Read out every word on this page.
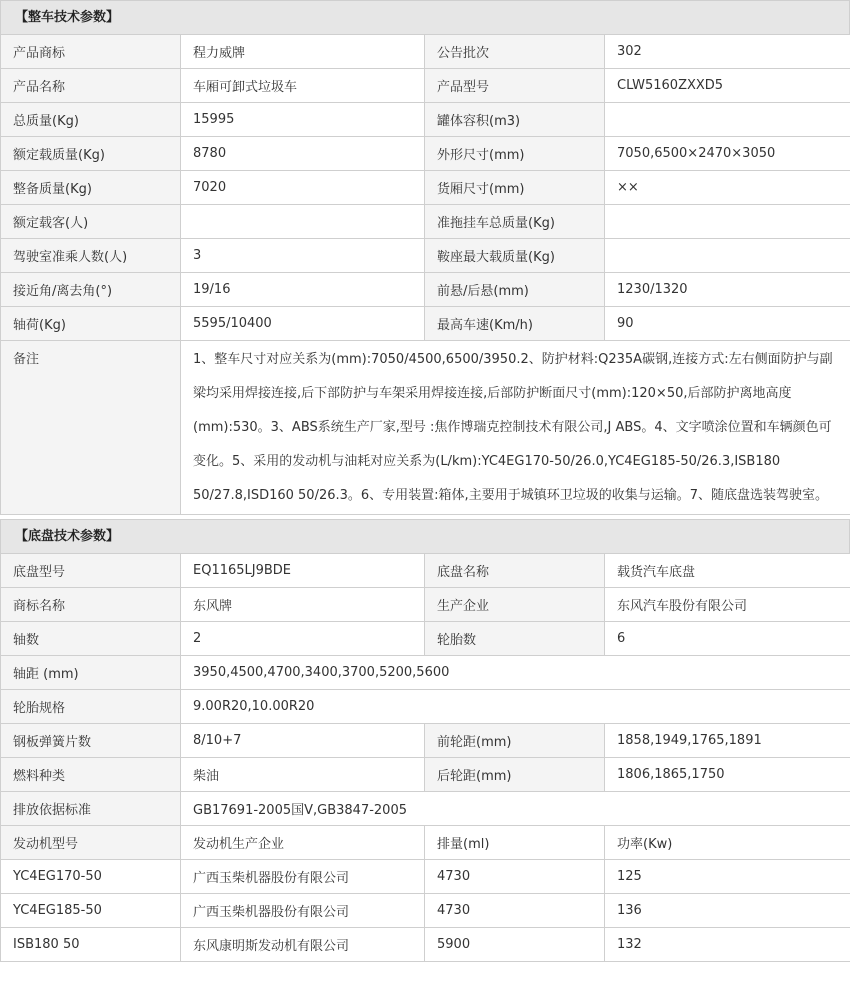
【整车技术参数】
产品商标	程力威牌	公告批次	302
产品名称	车厢可卸式垃圾车	产品型号	CLW5160ZXXD5
总质量(Kg)	15995	罐体容积(m3)	
额定载质量(Kg)	8780	外形尺寸(mm)	7050,6500×2470×3050
整备质量(Kg)	7020	货厢尺寸(mm)	××
额定载客(人)		准拖挂车总质量(Kg)	
驾驶室准乘人数(人)	3	鞍座最大载质量(Kg)	
接近角/离去角(°)	19/16	前悬/后悬(mm)	1230/1320
轴荷(Kg)	5595/10400	最高车速(Km/h)	90
备注	1、整车尺寸对应关系为(mm):7050/4500,6500/3950.2、防护材料:Q235A碳钢,连接方式:左右侧面防护与副梁均采用焊接连接,后下部防护与车架采用焊接连接,后部防护断面尺寸(mm):120×50,后部防护离地高度(mm):530。3、ABS系统生产厂家,型号 :焦作博瑞克控制技术有限公司,J ABS。4、文字喷涂位置和车辆颜色可变化。5、采用的发动机与油耗对应关系为(L/km):YC4EG170-50/26.0,YC4EG185-50/26.3,ISB180 50/27.8,ISD160 50/26.3。6、专用装置:箱体,主要用于城镇环卫垃圾的收集与运输。7、随底盘选装驾驶室。		
【底盘技术参数】
底盘型号	EQ1165LJ9BDE	底盘名称	载货汽车底盘
商标名称	东风牌	生产企业	东风汽车股份有限公司
轴数	2	轮胎数	6
轴距 (mm)	3950,4500,4700,3400,3700,5200,5600		
轮胎规格	9.00R20,10.00R20		
钢板弹簧片数	8/10+7	前轮距(mm)	1858,1949,1765,1891
燃料种类	柴油	后轮距(mm)	1806,1865,1750
排放依据标准	GB17691-2005国Ⅴ,GB3847-2005		
发动机型号	发动机生产企业	排量(ml)	功率(Kw)
YC4EG170-50	广西玉柴机器股份有限公司	4730	125
YC4EG185-50	广西玉柴机器股份有限公司	4730	136
ISB180 50	东风康明斯发动机有限公司	5900	132
